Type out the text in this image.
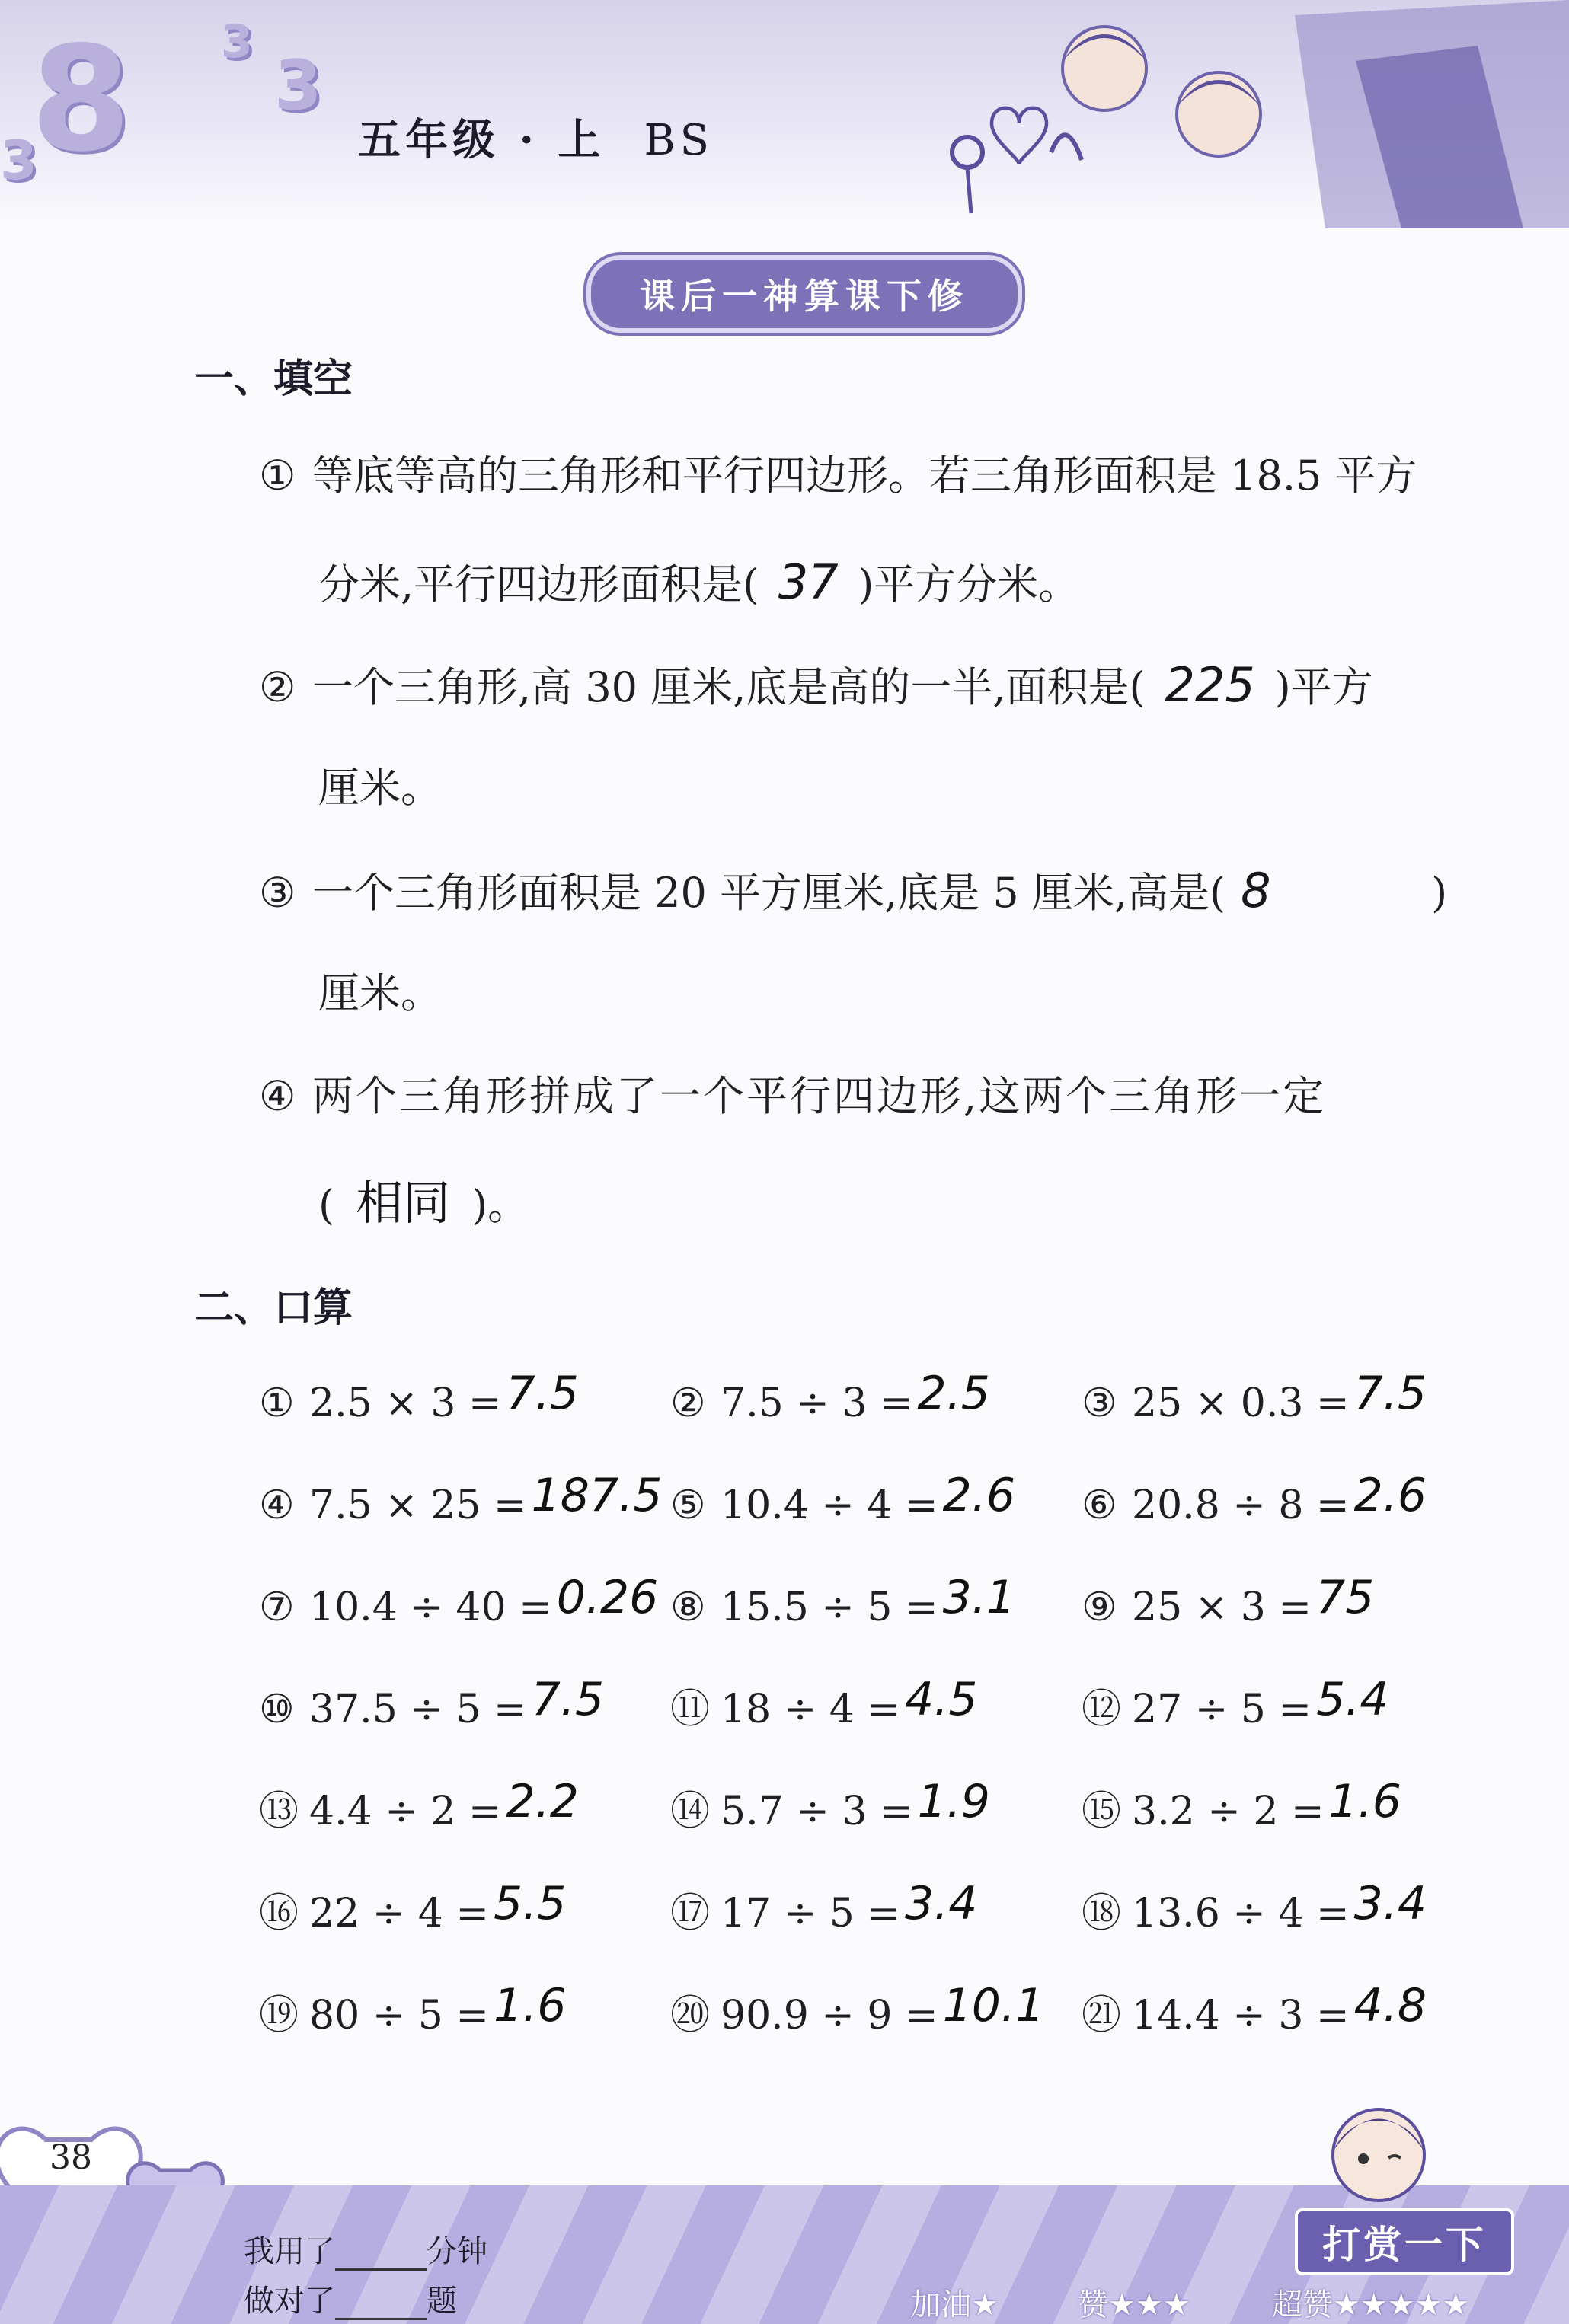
8 3
3
3	五年级 · 上 BS
课后一神算课下修
一、填空
① 等底等高的三角形和平行四边形。若三角形面积是 18.5 平方
分米,平行四边形面积是( 37 )平方分米。
② 一个三角形,高 30 厘米,底是高的一半,面积是( 225 )平方
厘米。
③ 一个三角形面积是 20 平方厘米,底是 5 厘米,高是( 8	)
厘米。
④ 两个三角形拼成了一个平行四边形,这两个三角形一定
( 相同 )。
二、口算
① 2.5 × 3 = 7.5 ② 7.5 ÷ 3 = 2.5 ③ 25 × 0.3 = 7.5
④ 7.5 × 25 = 187.5 ⑤ 10.4 ÷ 4 = 2.6 ⑥ 20.8 ÷ 8 = 2.6
⑦ 10.4 ÷ 40 = 0.26 ⑧ 15.5 ÷ 5 = 3.1 ⑨ 25 × 3 = 75
⑩ 37.5 ÷ 5 = 7.5 ⑪ 18 ÷ 4 = 4.5	⑫ 27 ÷ 5 = 5.4
⑬ 4.4 ÷ 2 = 2.2 ⑭ 5.7 ÷ 3 = 1.9 ⑮ 3.2 ÷ 2 = 1.6
⑯ 22 ÷ 4 = 5.5	⑰ 17 ÷ 5 = 3.4	⑱ 13.6 ÷ 4 = 3.4
⑲ 80 ÷ 5 = 1.6	⑳ 90.9 ÷ 9 = 10.1 ㉑ 14.4 ÷ 3 = 4.8
38
我用了	分钟
做对了	题
打赏一下
加油★	赞★★★	超赞★★★★★
